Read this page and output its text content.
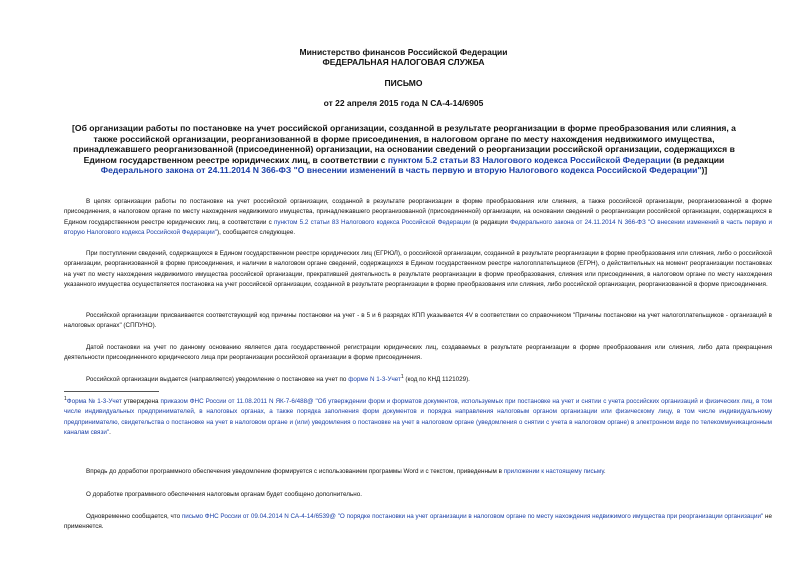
Министерство финансов Российской Федерации
ФЕДЕРАЛЬНАЯ НАЛОГОВАЯ СЛУЖБА
ПИСЬМО
от 22 апреля 2015 года N СА-4-14/6905
[Об организации работы по постановке на учет российской организации, созданной в результате реорганизации в форме преобразования или слияния, а также российской организации, реорганизованной в форме присоединения, в налоговом органе по месту нахождения недвижимого имущества, принадлежавшего реорганизованной (присоединенной) организации, на основании сведений о реорганизации российской организации, содержащихся в Едином государственном реестре юридических лиц, в соответствии с пунктом 5.2 статьи 83 Налогового кодекса Российской Федерации (в редакции Федерального закона от 24.11.2014 N 366-ФЗ "О внесении изменений в часть первую и вторую Налогового кодекса Российской Федерации")]
В целях организации работы по постановке на учет российской организации, созданной в результате реорганизации в форме преобразования или слияния, а также российской организации, реорганизованной в форме присоединения, в налоговом органе по месту нахождения недвижимого имущества, принадлежавшего реорганизованной (присоединенной) организации, на основании сведений о реорганизации российской организации, содержащихся в Едином государственном реестре юридических лиц, в соответствии с пунктом 5.2 статьи 83 Налогового кодекса Российской Федерации (в редакции Федерального закона от 24.11.2014 N 366-ФЗ "О внесении изменений в часть первую и вторую Налогового кодекса Российской Федерации"), сообщается следующее.
При поступлении сведений, содержащихся в Едином государственном реестре юридических лиц (ЕГРЮЛ), о российской организации, созданной в результате реорганизации в форме преобразования или слияния, либо о российской организации, реорганизованной в форме присоединения, и наличии в налоговом органе сведений, содержащихся в Едином государственном реестре налогоплательщиков (ЕГРН), о действительных на момент реорганизации постановках на учет по месту нахождения недвижимого имущества российской организации, прекратившей деятельность в результате реорганизации в форме преобразования, слияния или присоединения, в налоговом органе по месту нахождения указанного имущества осуществляется постановка на учет российской организации, созданной в результате реорганизации в форме преобразования или слияния, либо российской организации, реорганизованной в форме присоединения.
Российской организации присваивается соответствующий код причины постановки на учет - в 5 и 6 разрядах КПП указывается 4V в соответствии со справочником "Причины постановки на учет налогоплательщиков - организаций в налоговых органах" (СППУНО).
Датой постановки на учет по данному основанию является дата государственной регистрации юридических лиц, создаваемых в результате реорганизации в форме преобразования или слияния, либо дата прекращения деятельности присоединенного юридического лица при реорганизации российской организации в форме присоединения.
Российской организации выдается (направляется) уведомление о постановке на учет по форме N 1-3-Учет$^1$ (код по КНД 1121029).
$^1$Форма № 1-3-Учет утверждена приказом ФНС России от 11.08.2011 N ЯК-7-6/488@ "Об утверждении форм и форматов документов, используемых при постановке на учет и снятии с учета российских организаций и физических лиц, в том числе индивидуальных предпринимателей, в налоговых органах, а также порядка заполнения форм документов и порядка направления налоговым органом организации или физическому лицу, в том числе индивидуальному предпринимателю, свидетельства о постановке на учет в налоговом органе и (или) уведомления о постановке на учет в налоговом органе (уведомления о снятии с учета в налоговом органе) в электронном виде по телекоммуникационным каналам связи".
Впредь до доработки программного обеспечения уведомление формируется с использованием программы Word и с текстом, приведенным в приложении к настоящему письму.
О доработке программного обеспечения налоговым органам будет сообщено дополнительно.
Одновременно сообщается, что письмо ФНС России от 09.04.2014 N СА-4-14/6539@ "О порядке постановки на учет организации в налоговом органе по месту нахождения недвижимого имущества при реорганизации организации" не применяется.
